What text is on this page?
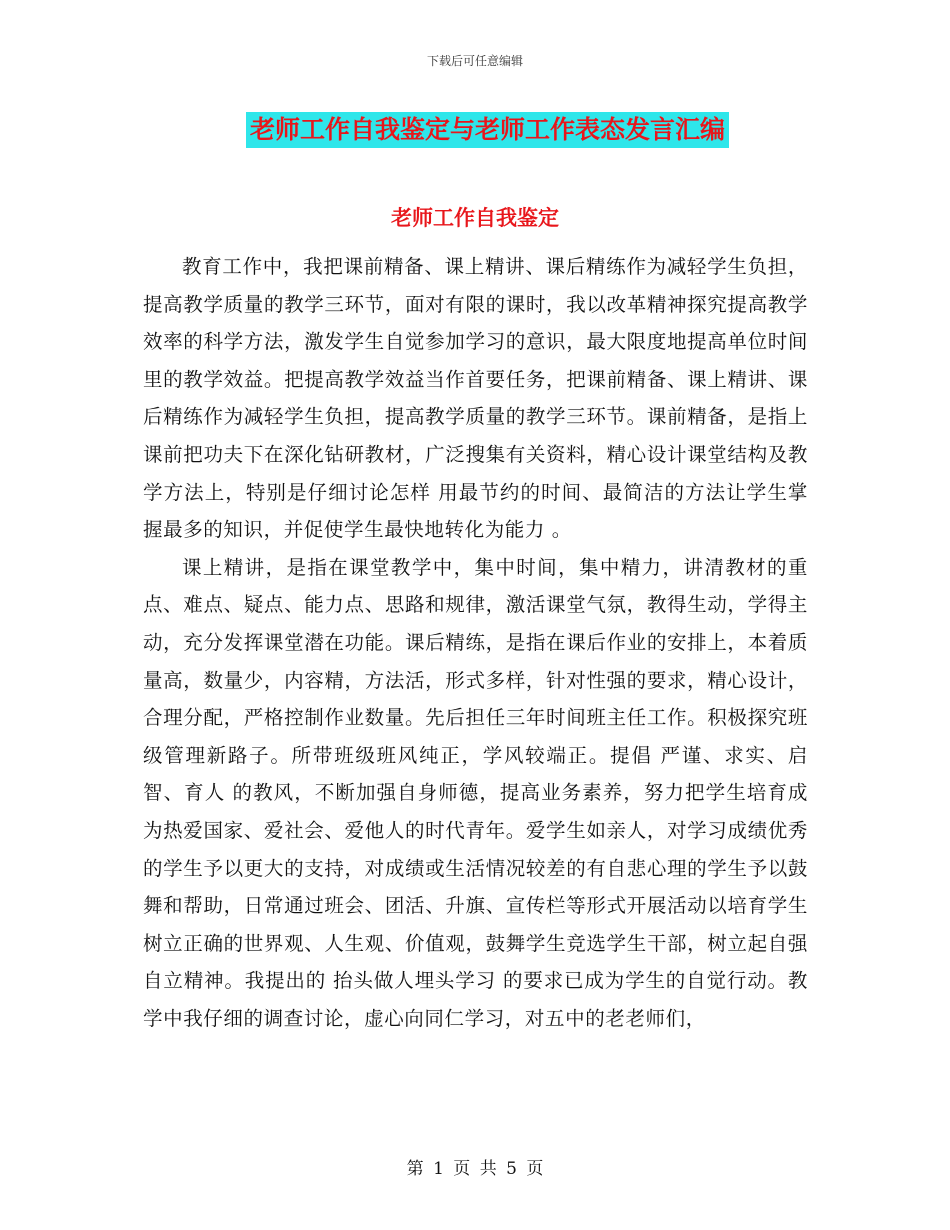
下载后可任意编辑
老师工作自我鉴定与老师工作表态发言汇编
老师工作自我鉴定

教育工作中，我把课前精备、课上精讲、课后精练作为减轻学生负担，提高教学质量的教学三环节，面对有限的课时，我以改革精神探究提高教学效率的科学方法，激发学生自觉参加学习的意识，最大限度地提高单位时间里的教学效益。把提高教学效益当作首要任务，把课前精备、课上精讲、课后精练作为减轻学生负担，提高教学质量的教学三环节。课前精备，是指上课前把功夫下在深化钻研教材，广泛搜集有关资料，精心设计课堂结构及教学方法上，特别是仔细讨论怎样 用最节约的时间、最简洁的方法让学生掌握最多的知识，并促使学生最快地转化为能力 。

课上精讲，是指在课堂教学中，集中时间，集中精力，讲清教材的重点、难点、疑点、能力点、思路和规律，激活课堂气氛，教得生动，学得主动，充分发挥课堂潜在功能。课后精练，是指在课后作业的安排上，本着质量高，数量少，内容精，方法活，形式多样，针对性强的要求，精心设计，合理分配，严格控制作业数量。先后担任三年时间班主任工作。积极探究班级管理新路子。所带班级班风纯正，学风较端正。提倡 严谨、求实、启智、育人 的教风，不断加强自身师德，提高业务素养，努力把学生培育成为热爱国家、爱社会、爱他人的时代青年。爱学生如亲人，对学习成绩优秀的学生予以更大的支持，对成绩或生活情况较差的有自悲心理的学生予以鼓舞和帮助，日常通过班会、团活、升旗、宣传栏等形式开展活动以培育学生树立正确的世界观、人生观、价值观，鼓舞学生竞选学生干部，树立起自强自立精神。我提出的 抬头做人埋头学习 的要求已成为学生的自觉行动。教学中我仔细的调查讨论，虚心向同仁学习，对五中的老老师们，

第 1 页 共 5 页
